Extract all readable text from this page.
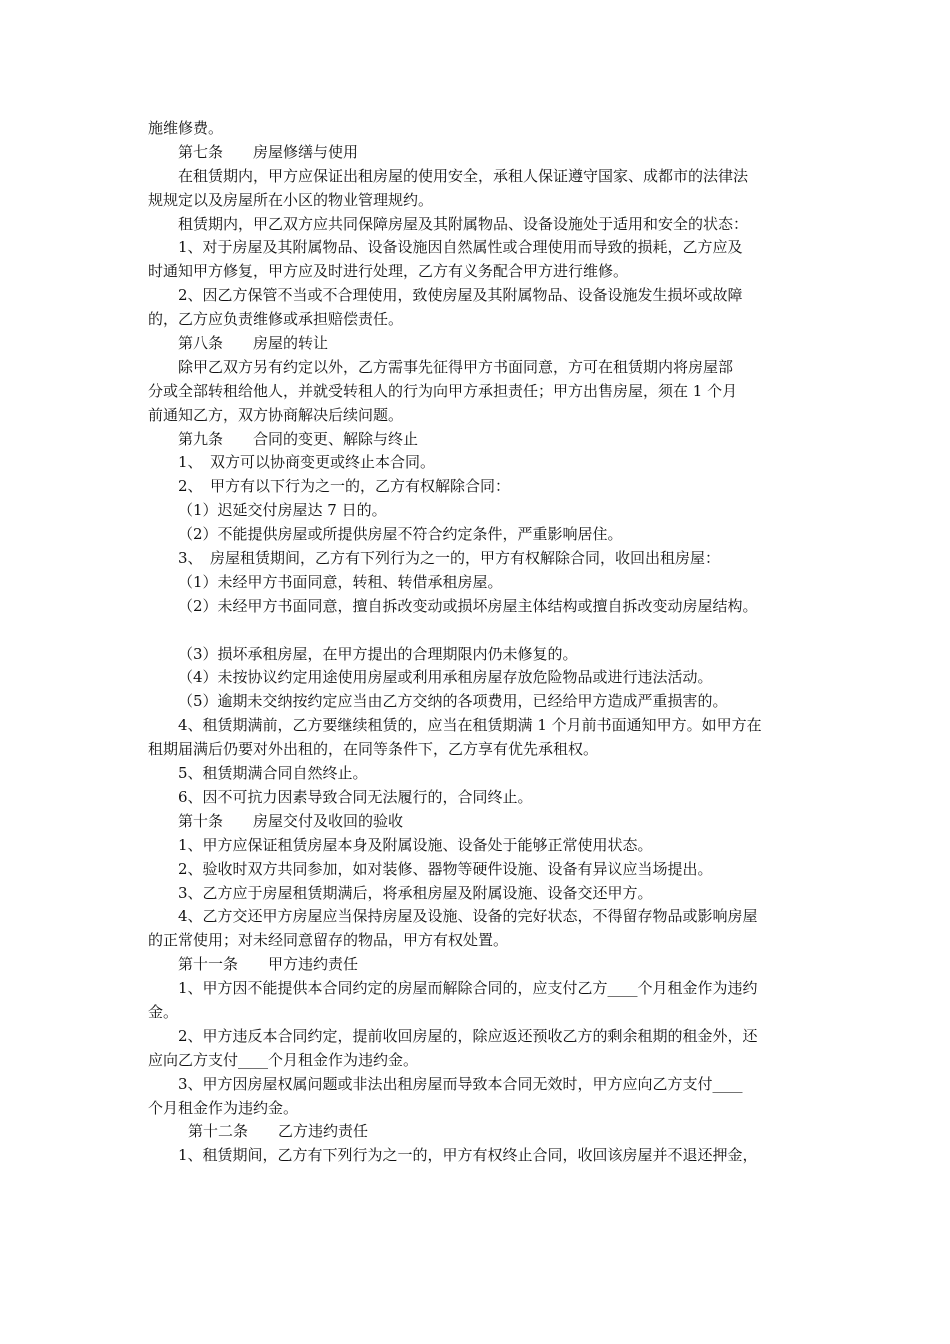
施维修费。
第七条 房屋修缮与使用
在租赁期内，甲方应保证出租房屋的使用安全，承租人保证遵守国家、成都市的法律法
规规定以及房屋所在小区的物业管理规约。
租赁期内，甲乙双方应共同保障房屋及其附属物品、设备设施处于适用和安全的状态：
1、对于房屋及其附属物品、设备设施因自然属性或合理使用而导致的损耗，乙方应及
时通知甲方修复，甲方应及时进行处理，乙方有义务配合甲方进行维修。
2、因乙方保管不当或不合理使用，致使房屋及其附属物品、设备设施发生损坏或故障
的，乙方应负责维修或承担赔偿责任。
第八条 房屋的转让
除甲乙双方另有约定以外，乙方需事先征得甲方书面同意，方可在租赁期内将房屋部
分或全部转租给他人，并就受转租人的行为向甲方承担责任；甲方出售房屋，须在 1 个月
前通知乙方，双方协商解决后续问题。
第九条 合同的变更、解除与终止
1、　双方可以协商变更或终止本合同。
2、　甲方有以下行为之一的，乙方有权解除合同：
（1）迟延交付房屋达 7 日的。
（2）不能提供房屋或所提供房屋不符合约定条件，严重影响居住。
3、　房屋租赁期间，乙方有下列行为之一的，甲方有权解除合同，收回出租房屋：
（1）未经甲方书面同意，转租、转借承租房屋。
（2）未经甲方书面同意，擅自拆改变动或损坏房屋主体结构或擅自拆改变动房屋结构。
（3）损坏承租房屋，在甲方提出的合理期限内仍未修复的。
（4）未按协议约定用途使用房屋或利用承租房屋存放危险物品或进行违法活动。
（5）逾期未交纳按约定应当由乙方交纳的各项费用，已经给甲方造成严重损害的。
4、租赁期满前，乙方要继续租赁的，应当在租赁期满 1 个月前书面通知甲方。如甲方在
租期届满后仍要对外出租的，在同等条件下，乙方享有优先承租权。
5、租赁期满合同自然终止。
6、因不可抗力因素导致合同无法履行的，合同终止。
第十条 房屋交付及收回的验收
1、甲方应保证租赁房屋本身及附属设施、设备处于能够正常使用状态。
2、验收时双方共同参加，如对装修、器物等硬件设施、设备有异议应当场提出。
3、乙方应于房屋租赁期满后，将承租房屋及附属设施、设备交还甲方。
4、乙方交还甲方房屋应当保持房屋及设施、设备的完好状态，不得留存物品或影响房屋
的正常使用；对未经同意留存的物品，甲方有权处置。
第十一条 甲方违约责任
1、甲方因不能提供本合同约定的房屋而解除合同的，应支付乙方____个月租金作为违约
金。
2、甲方违反本合同约定，提前收回房屋的，除应返还预收乙方的剩余租期的租金外，还
应向乙方支付____个月租金作为违约金。
3、甲方因房屋权属问题或非法出租房屋而导致本合同无效时，甲方应向乙方支付____
个月租金作为违约金。
第十二条 乙方违约责任
1、租赁期间，乙方有下列行为之一的，甲方有权终止合同，收回该房屋并不退还押金，
